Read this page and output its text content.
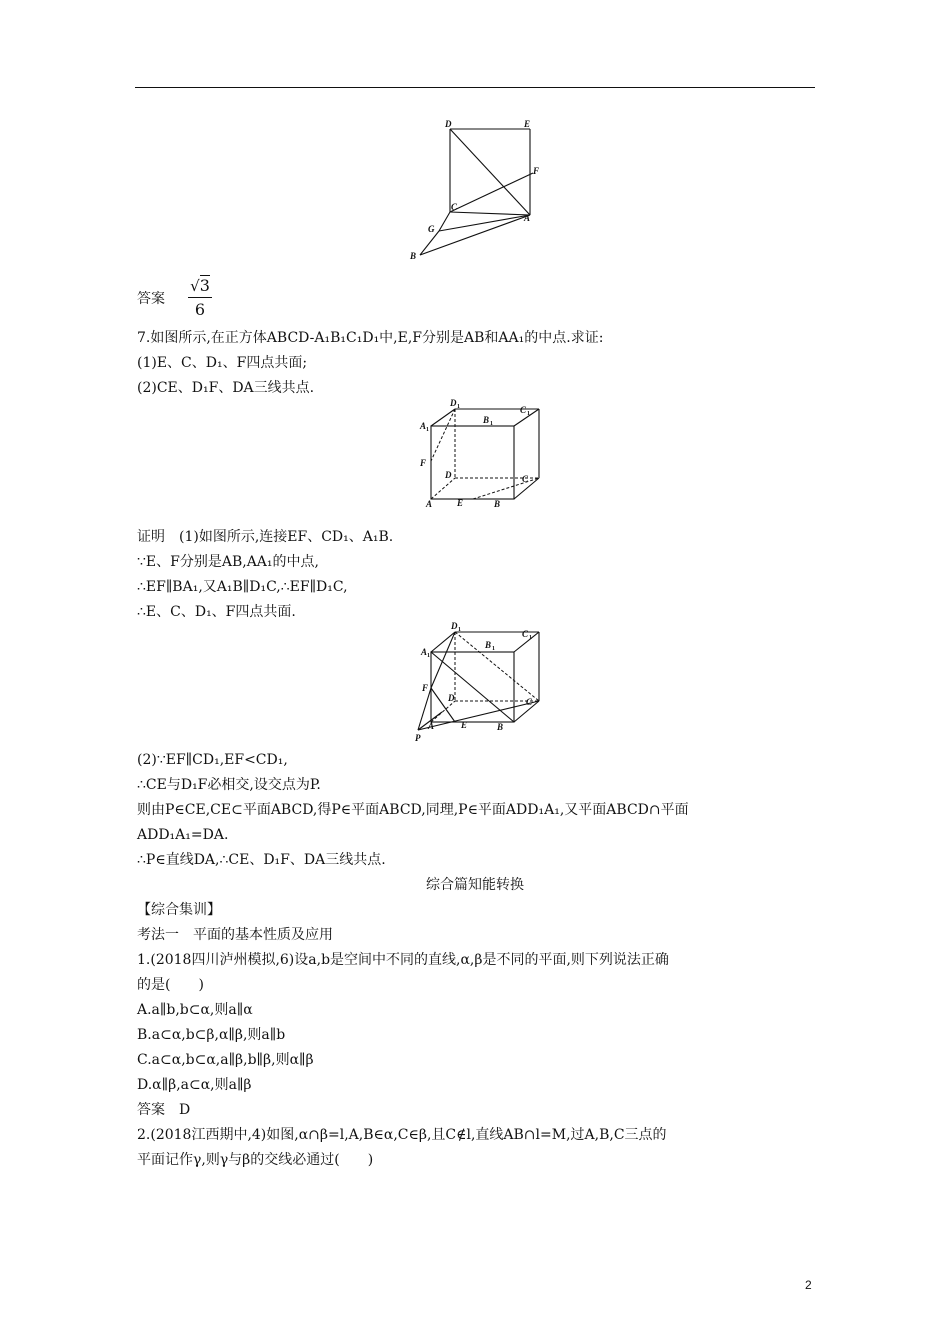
D	E
F
C
A
G
B
答案
√3
6
7.如图所示,在正方体ABCD-A₁B₁C₁D₁中,E,F分别是AB和AA₁的中点.求证:
(1)E、C、D₁、F四点共面;
(2)CE、D₁F、DA三线共点.
D 1
B 1
C 1
A 1
F
D	C
A	E	B
证明　(1)如图所示,连接EF、CD₁、A₁B.
∵E、F分别是AB,AA₁的中点,
∴EF∥BA₁,又A₁B∥D₁C,∴EF∥D₁C,
∴E、C、D₁、F四点共面.
D 1
B 1
C 1
A 1
F
D	C
A	E	B
P
(2)∵EF∥CD₁,EF<CD₁,
∴CE与D₁F必相交,设交点为P.
则由P∈CE,CE⊂平面ABCD,得P∈平面ABCD,同理,P∈平面ADD₁A₁,又平面ABCD∩平面
ADD₁A₁=DA.
∴P∈直线DA,∴CE、D₁F、DA三线共点.
综合篇知能转换
【综合集训】
考法一　平面的基本性质及应用
1.(2018四川泸州模拟,6)设a,b是空间中不同的直线,α,β是不同的平面,则下列说法正确
的是(　　)
A.a∥b,b⊂α,则a∥α
B.a⊂α,b⊂β,α∥β,则a∥b
C.a⊂α,b⊂α,a∥β,b∥β,则α∥β
D.α∥β,a⊂α,则a∥β
答案　D
2.(2018江西期中,4)如图,α∩β=l,A,B∈α,C∈β,且C∉l,直线AB∩l=M,过A,B,C三点的
平面记作γ,则γ与β的交线必通过(　　)
2
